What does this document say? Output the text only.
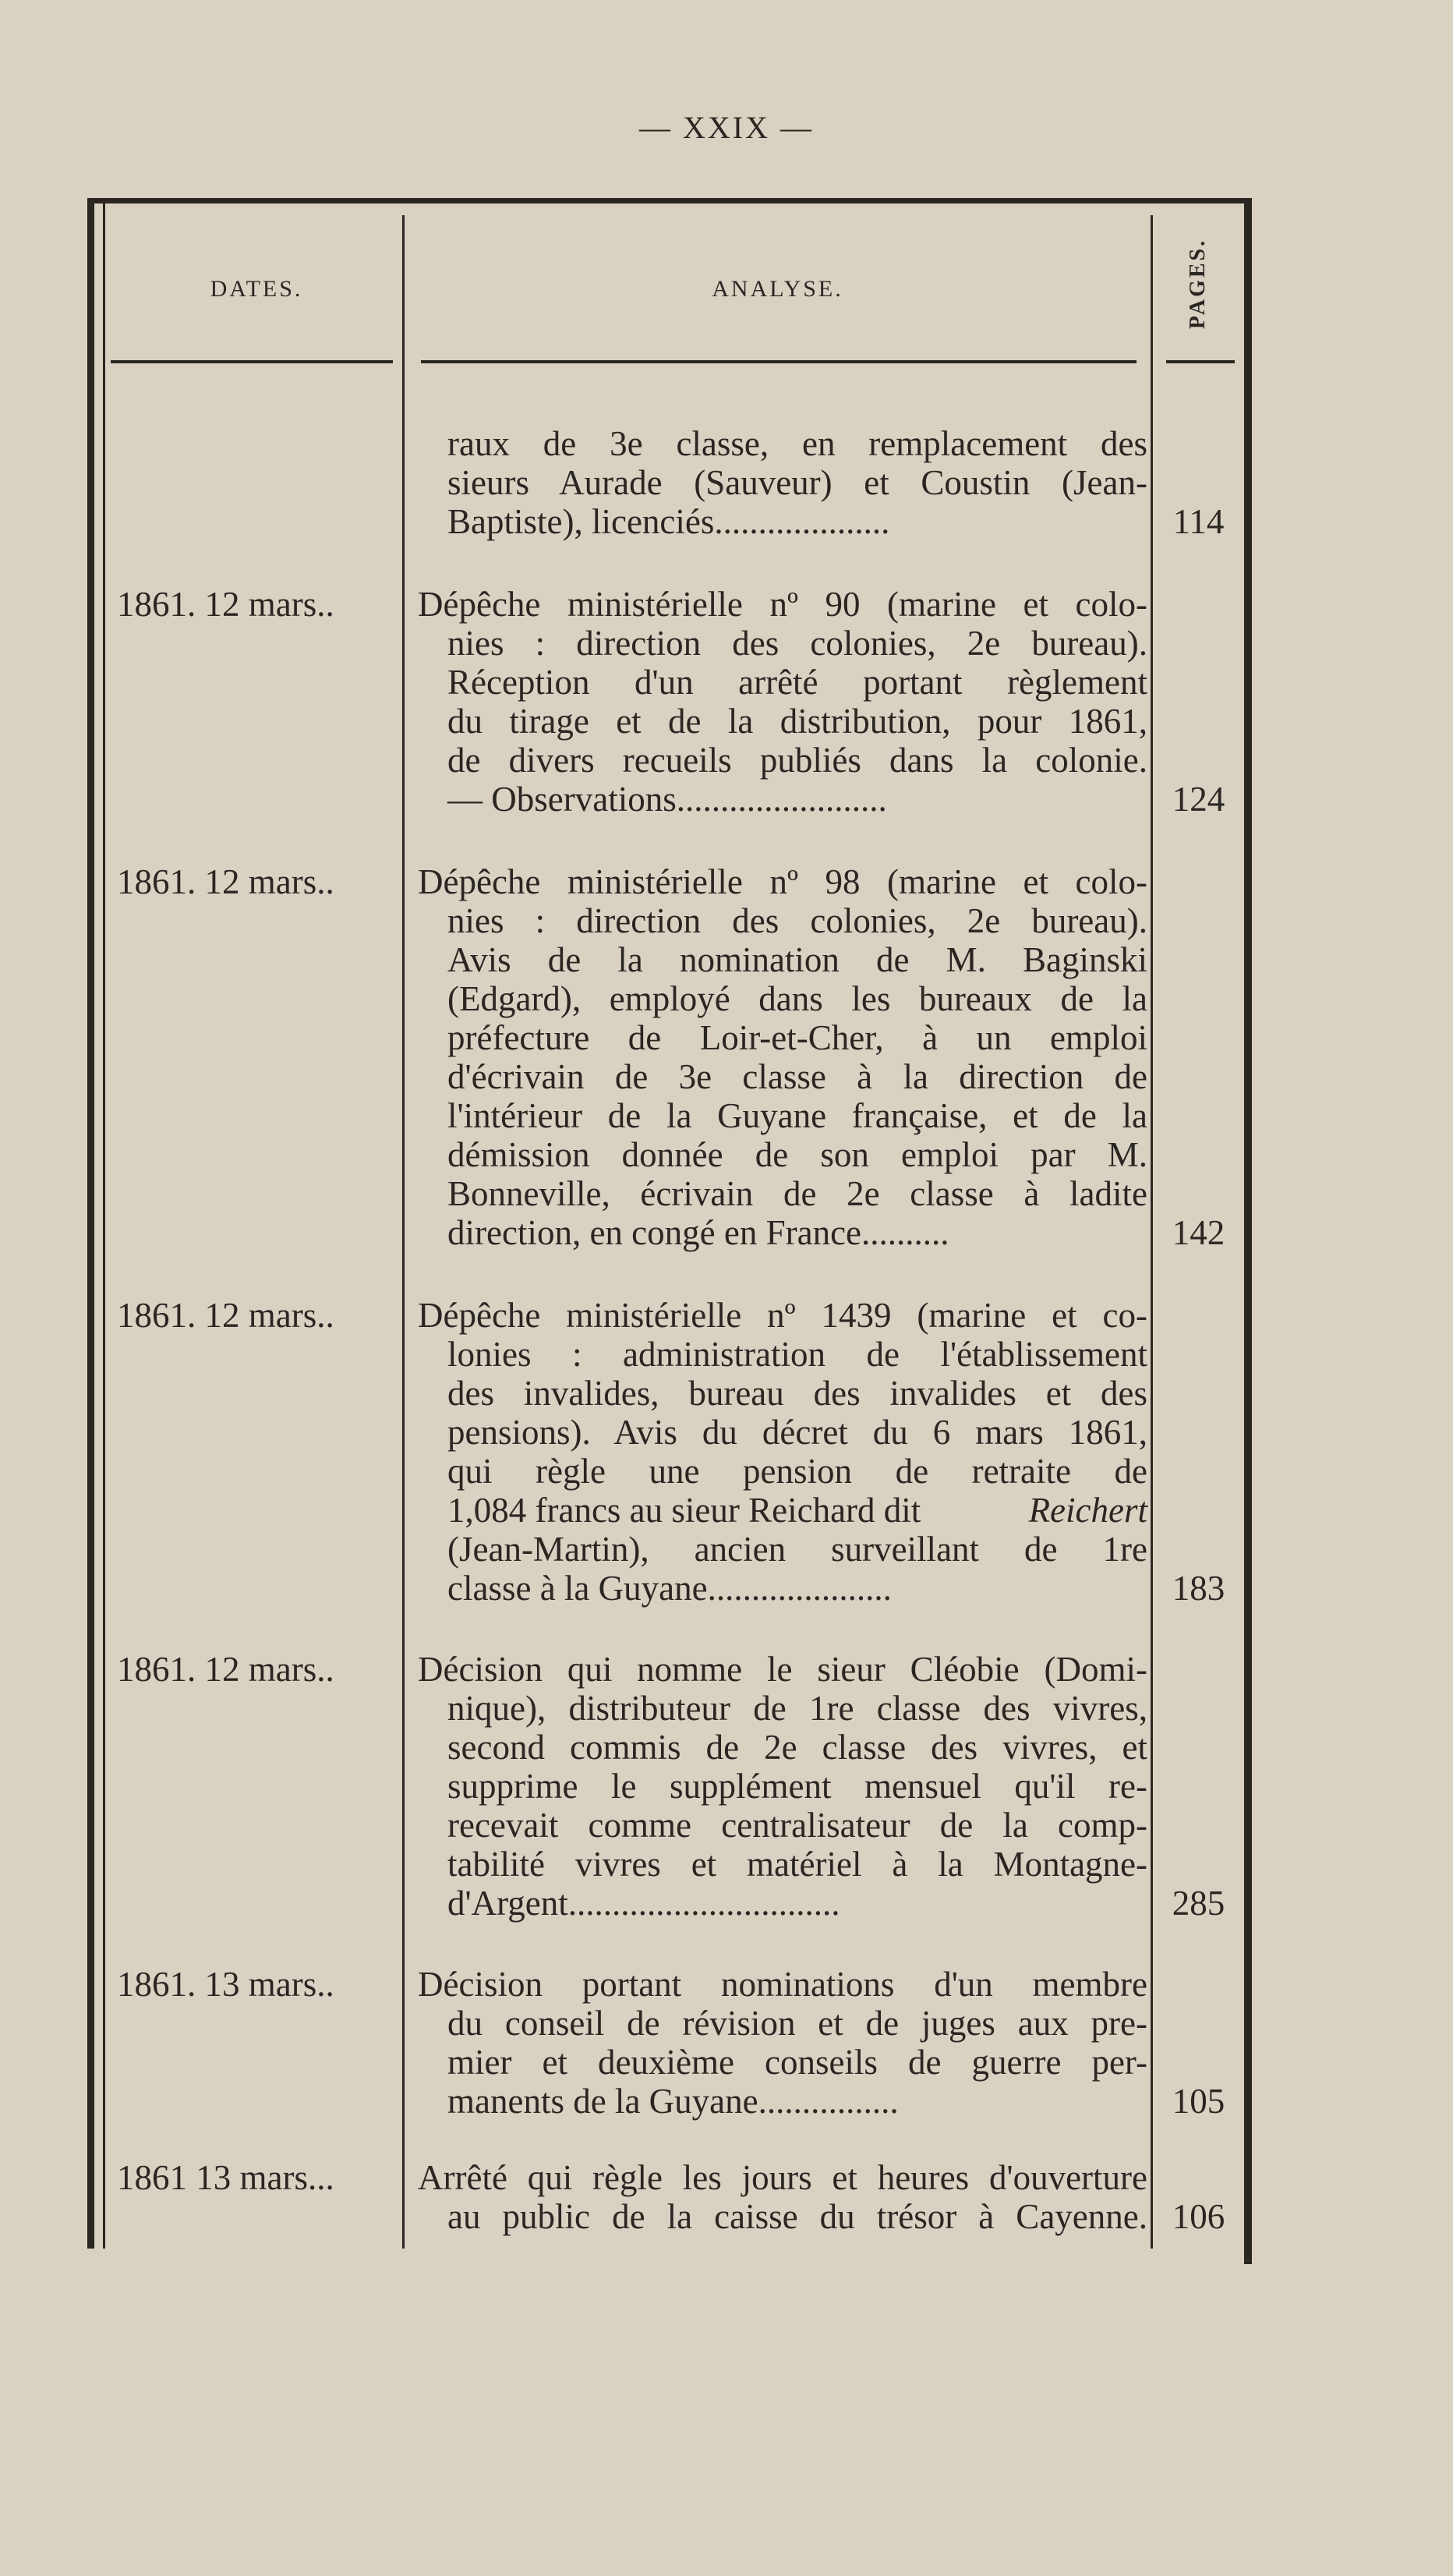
— XXIX —
DATES.	ANALYSE.	PAGES.
raux de 3e classe, en remplacement des
sieurs Aurade (Sauveur) et Coustin (Jean-
Baptiste), licenciés....................	114
1861. 12 mars..	Dépêche ministérielle nº 90 (marine et colo-
nies : direction des colonies, 2e bureau).
Réception d'un arrêté portant règlement
du tirage et de la distribution, pour 1861,
de divers recueils publiés dans la colonie.
— Observations........................	124
1861. 12 mars..	Dépêche ministérielle nº 98 (marine et colo-
nies : direction des colonies, 2e bureau).
Avis de la nomination de M. Baginski
(Edgard), employé dans les bureaux de la
préfecture de Loir-et-Cher, à un emploi
d'écrivain de 3e classe à la direction de
l'intérieur de la Guyane française, et de la
démission donnée de son emploi par M.
Bonneville, écrivain de 2e classe à ladite
direction, en congé en France..........	142
1861. 12 mars..	Dépêche ministérielle nº 1439 (marine et co-
lonies : administration de l'établissement
des invalides, bureau des invalides et des
pensions). Avis du décret du 6 mars 1861,
qui règle une pension de retraite de
1,084 francs au sieur Reichard dit	Reichert
(Jean-Martin), ancien surveillant de 1re
classe à la Guyane.....................	183
1861. 12 mars..	Décision qui nomme le sieur Cléobie (Domi-
nique), distributeur de 1re classe des vivres,
second commis de 2e classe des vivres, et
supprime le supplément mensuel qu'il re-
recevait comme centralisateur de la comp-
tabilité vivres et matériel à la Montagne-
d'Argent...............................	285
1861. 13 mars..	Décision portant nominations d'un membre
du conseil de révision et de juges aux pre-
mier et deuxième conseils de guerre per-
manents de la Guyane................	105
1861 13 mars...	Arrêté qui règle les jours et heures d'ouverture
au public de la caisse du trésor à Cayenne. 106
